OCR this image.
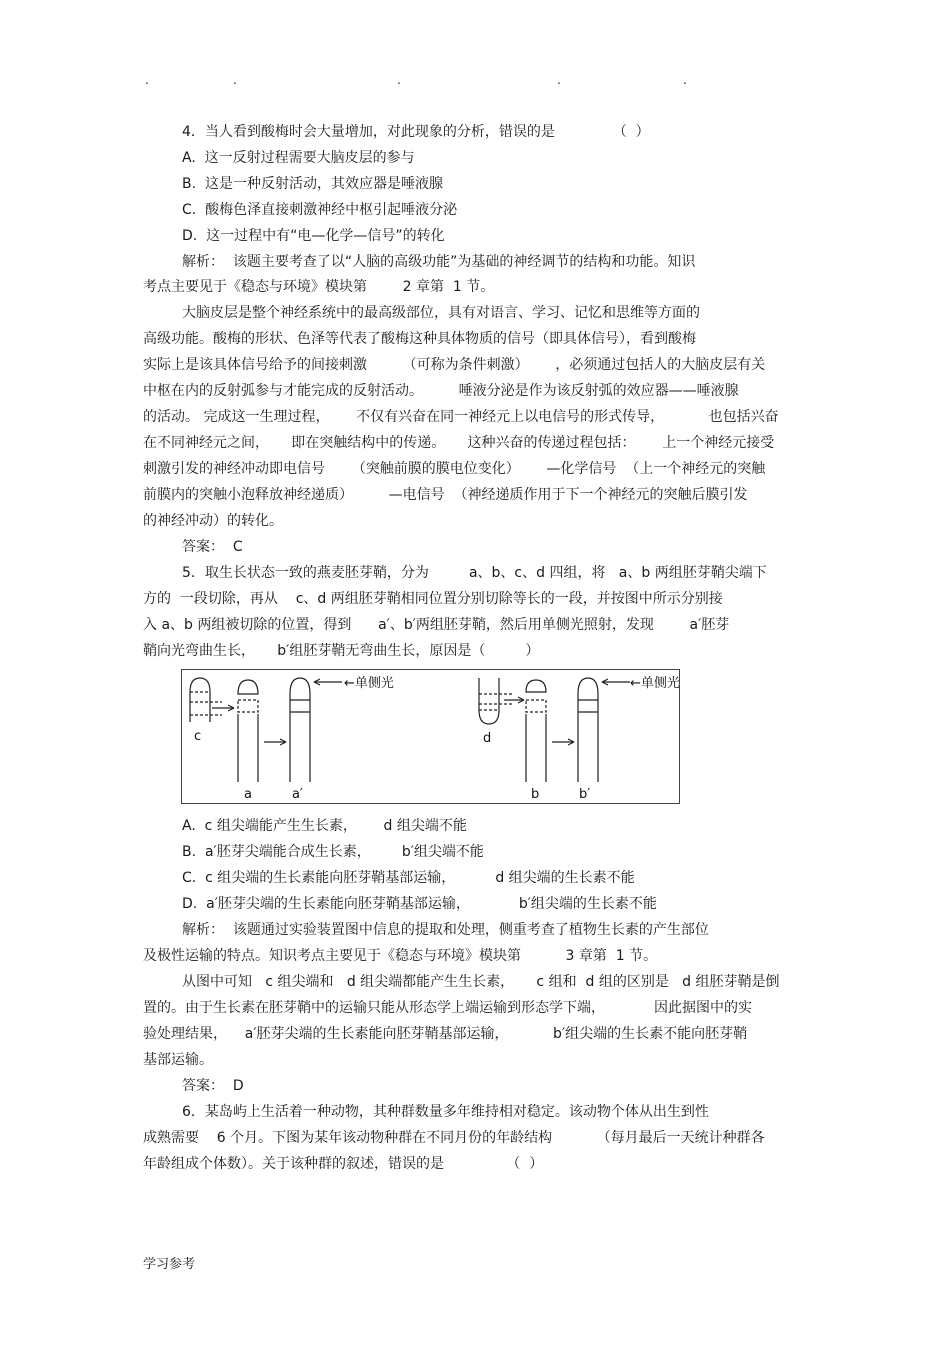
.	.	.	.	.
4．当人看到酸梅时会大量增加，对此现象的分析，错误的是             （  ）
A.  这一反射过程需要大脑皮层的参与
B.  这是一种反射活动，其效应器是唾液腺
C.  酸梅色泽直接刺激神经中枢引起唾液分泌
D.  这一过程中有“电—化学—信号”的转化
解析：  该题主要考查了以“人脑的高级功能”为基础的神经调节的结构和功能。知识
考点主要见于《稳态与环境》模块第        2 章第  1 节。
大脑皮层是整个神经系统中的最高级部位，具有对语言、学习、记忆和思维等方面的
高级功能。酸梅的形状、色泽等代表了酸梅这种具体物质的信号（即具体信号），看到酸梅
实际上是该具体信号给予的间接刺激        （可称为条件刺激）      ，必须通过包括人的大脑皮层有关
中枢在内的反射弧参与才能完成的反射活动。        唾液分泌是作为该反射弧的效应器——唾液腺
的活动。 完成这一生理过程，      不仅有兴奋在同一神经元上以电信号的形式传导，          也包括兴奋
在不同神经元之间，     即在突触结构中的传递。     这种兴奋的传递过程包括：      上一个神经元接受
刺激引发的神经冲动即电信号      （突触前膜的膜电位变化）      —化学信号  （上一个神经元的突触
前膜内的突触小泡释放神经递质）        —电信号  （神经递质作用于下一个神经元的突触后膜引发
的神经冲动）的转化。
答案：  C
5．取生长状态一致的燕麦胚芽鞘，分为         a、b、c、d 四组，将   a、b 两组胚芽鞘尖端下
方的  一段切除，再从    c、d 两组胚芽鞘相同位置分别切除等长的一段，并按图中所示分别接
入 a、b 两组被切除的位置，得到      a′、b′两组胚芽鞘，然后用单侧光照射，发现        a′胚芽
鞘向光弯曲生长，     b′组胚芽鞘无弯曲生长，原因是（         ）
A.  c 组尖端能产生生长素，      d 组尖端不能
B.  a′胚芽尖端能合成生长素，       b′组尖端不能
C.  c 组尖端的生长素能向胚芽鞘基部运输，         d 组尖端的生长素不能
D.  a′胚芽尖端的生长素能向胚芽鞘基部运输，           b′组尖端的生长素不能
解析：  该题通过实验装置图中信息的提取和处理，侧重考查了植物生长素的产生部位
及极性运输的特点。知识考点主要见于《稳态与环境》模块第          3 章第  1 节。
从图中可知   c 组尖端和   d 组尖端都能产生生长素，     c 组和  d 组的区别是   d 组胚芽鞘是倒
置的。由于生长素在胚芽鞘中的运输只能从形态学上端运输到形态学下端，           因此据图中的实
验处理结果，    a′胚芽尖端的生长素能向胚芽鞘基部运输，          b′组尖端的生长素不能向胚芽鞘
基部运输。
答案：  D
6．某岛屿上生活着一种动物，其种群数量多年维持相对稳定。该动物个体从出生到性
成熟需要    6 个月。下图为某年该动物种群在不同月份的年龄结构          （每月最后一天统计种群各
年龄组成个体数）。关于该种群的叙述，错误的是              （  ）
←单侧光	←单侧光
c
a	a′
d
b	b′
学习参考
